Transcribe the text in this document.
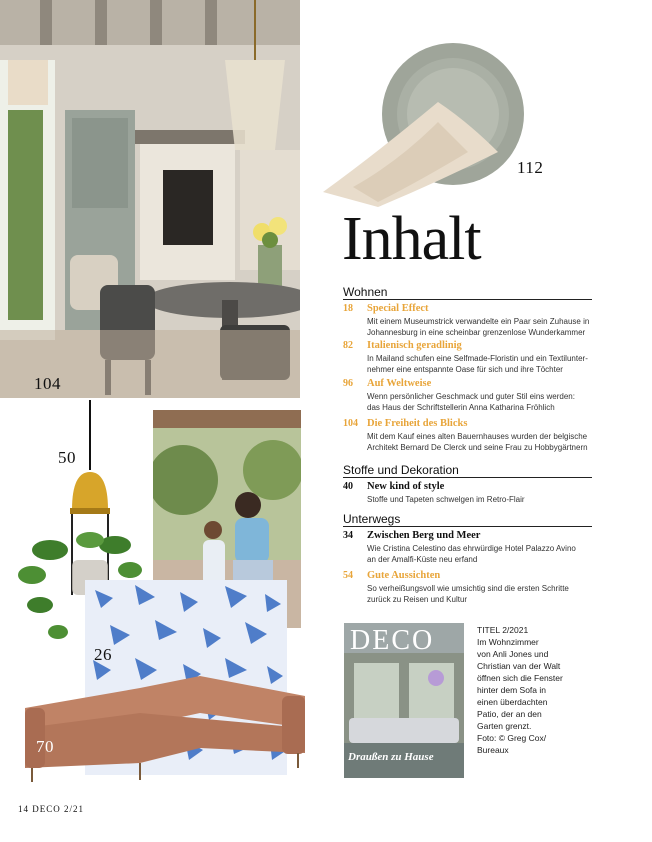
104
112
Inhalt
Wohnen
18 Special Effect
Mit einem Museumstrick verwandelte ein Paar sein Zuhause in
Johannesburg in eine scheinbar grenzenlose Wunderkammer
82 Italienisch geradlinig
In Mailand schufen eine Selfmade-Floristin und ein Textilunter-
nehmer eine entspannte Oase für sich und ihre Töchter
96 Auf Weltweise
Wenn persönlicher Geschmack und guter Stil eins werden:
das Haus der Schriftstellerin Anna Katharina Fröhlich
104 Die Freiheit des Blicks
Mit dem Kauf eines alten Bauernhauses wurden der belgische
Architekt Bernard De Clerck und seine Frau zu Hobbygärtnern
Stoffe und Dekoration
40 New kind of style
Stoffe und Tapeten schwelgen im Retro-Flair
Unterwegs
34 Zwischen Berg und Meer
Wie Cristina Celestino das ehrwürdige Hotel Palazzo Avino
an der Amalfi-Küste neu erfand
54 Gute Aussichten
So verheißungsvoll wie umsichtig sind die ersten Schritte
zurück zu Reisen und Kultur
50
26
70
DECO
Draußen zu Hause
TITEL 2/2021
Im Wohnzimmer
von Anli Jones und
Christian van der Walt
öffnen sich die Fenster
hinter dem Sofa in
einen überdachten
Patio, der an den
Garten grenzt.
Foto: © Greg Cox/
Bureaux
14 DECO 2/21
